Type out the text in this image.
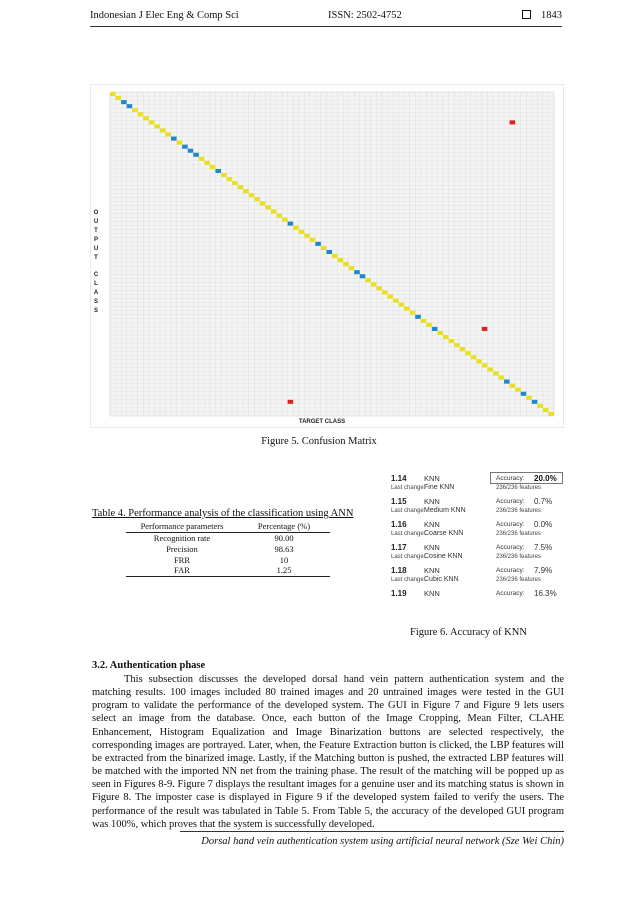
Indonesian J Elec Eng & Comp Sci	ISSN: 2502-4752	1843
O
U
T
P
U
T
C
L
A
S
S
TARGET CLASS
Figure 5. Confusion Matrix
Table 4. Performance analysis of the classification using ANN
Performance parameters	Percentage (%)
Recognition rate	90.00
Precision	98.63
FRR	10
FAR	1.25
1.14 KNN
Last change:
Fine KNN
Accuracy: 20.0%
236/236 features
1.15 KNN
Last change:
Medium KNN
Accuracy: 0.7%
236/236 features
1.16 KNN
Last change:
Coarse KNN
Accuracy: 0.0%
236/236 features
1.17 KNN
Last change:
Cosine KNN
Accuracy: 7.5%
236/236 features
1.18 KNN
Last change:
Cubic KNN
Accuracy: 7.9%
236/236 features
1.19 KNN	Accuracy: 16.3%
Figure 6. Accuracy of KNN
3.2. Authentication phase

This subsection discusses the developed dorsal hand vein pattern authentication system and the matching results. 100 images included 80 trained images and 20 untrained images were tested in the GUI program to validate the performance of the developed system. The GUI in Figure 7 and Figure 9 lets users select an image from the database. Once, each button of the Image Cropping, Mean Filter, CLAHE Enhancement, Histogram Equalization and Image Binarization buttons are selected respectively, the corresponding images are portrayed. Later, when, the Feature Extraction button is clicked, the LBP features will be extracted from the binarized image. Lastly, if the Matching button is pushed, the extracted LBP features will be matched with the imported NN net from the training phase. The result of the matching will be popped up as seen in Figures 8-9. Figure 7 displays the resultant images for a genuine user and its matching status is shown in Figure 8. The imposter case is displayed in Figure 9 if the developed system failed to verify the users. The performance of the result was tabulated in Table 5. From Table 5, the accuracy of the developed GUI program was 100%, which proves that the system is successfully developed.

Dorsal hand vein authentication system using artificial neural network (Sze Wei Chin)
